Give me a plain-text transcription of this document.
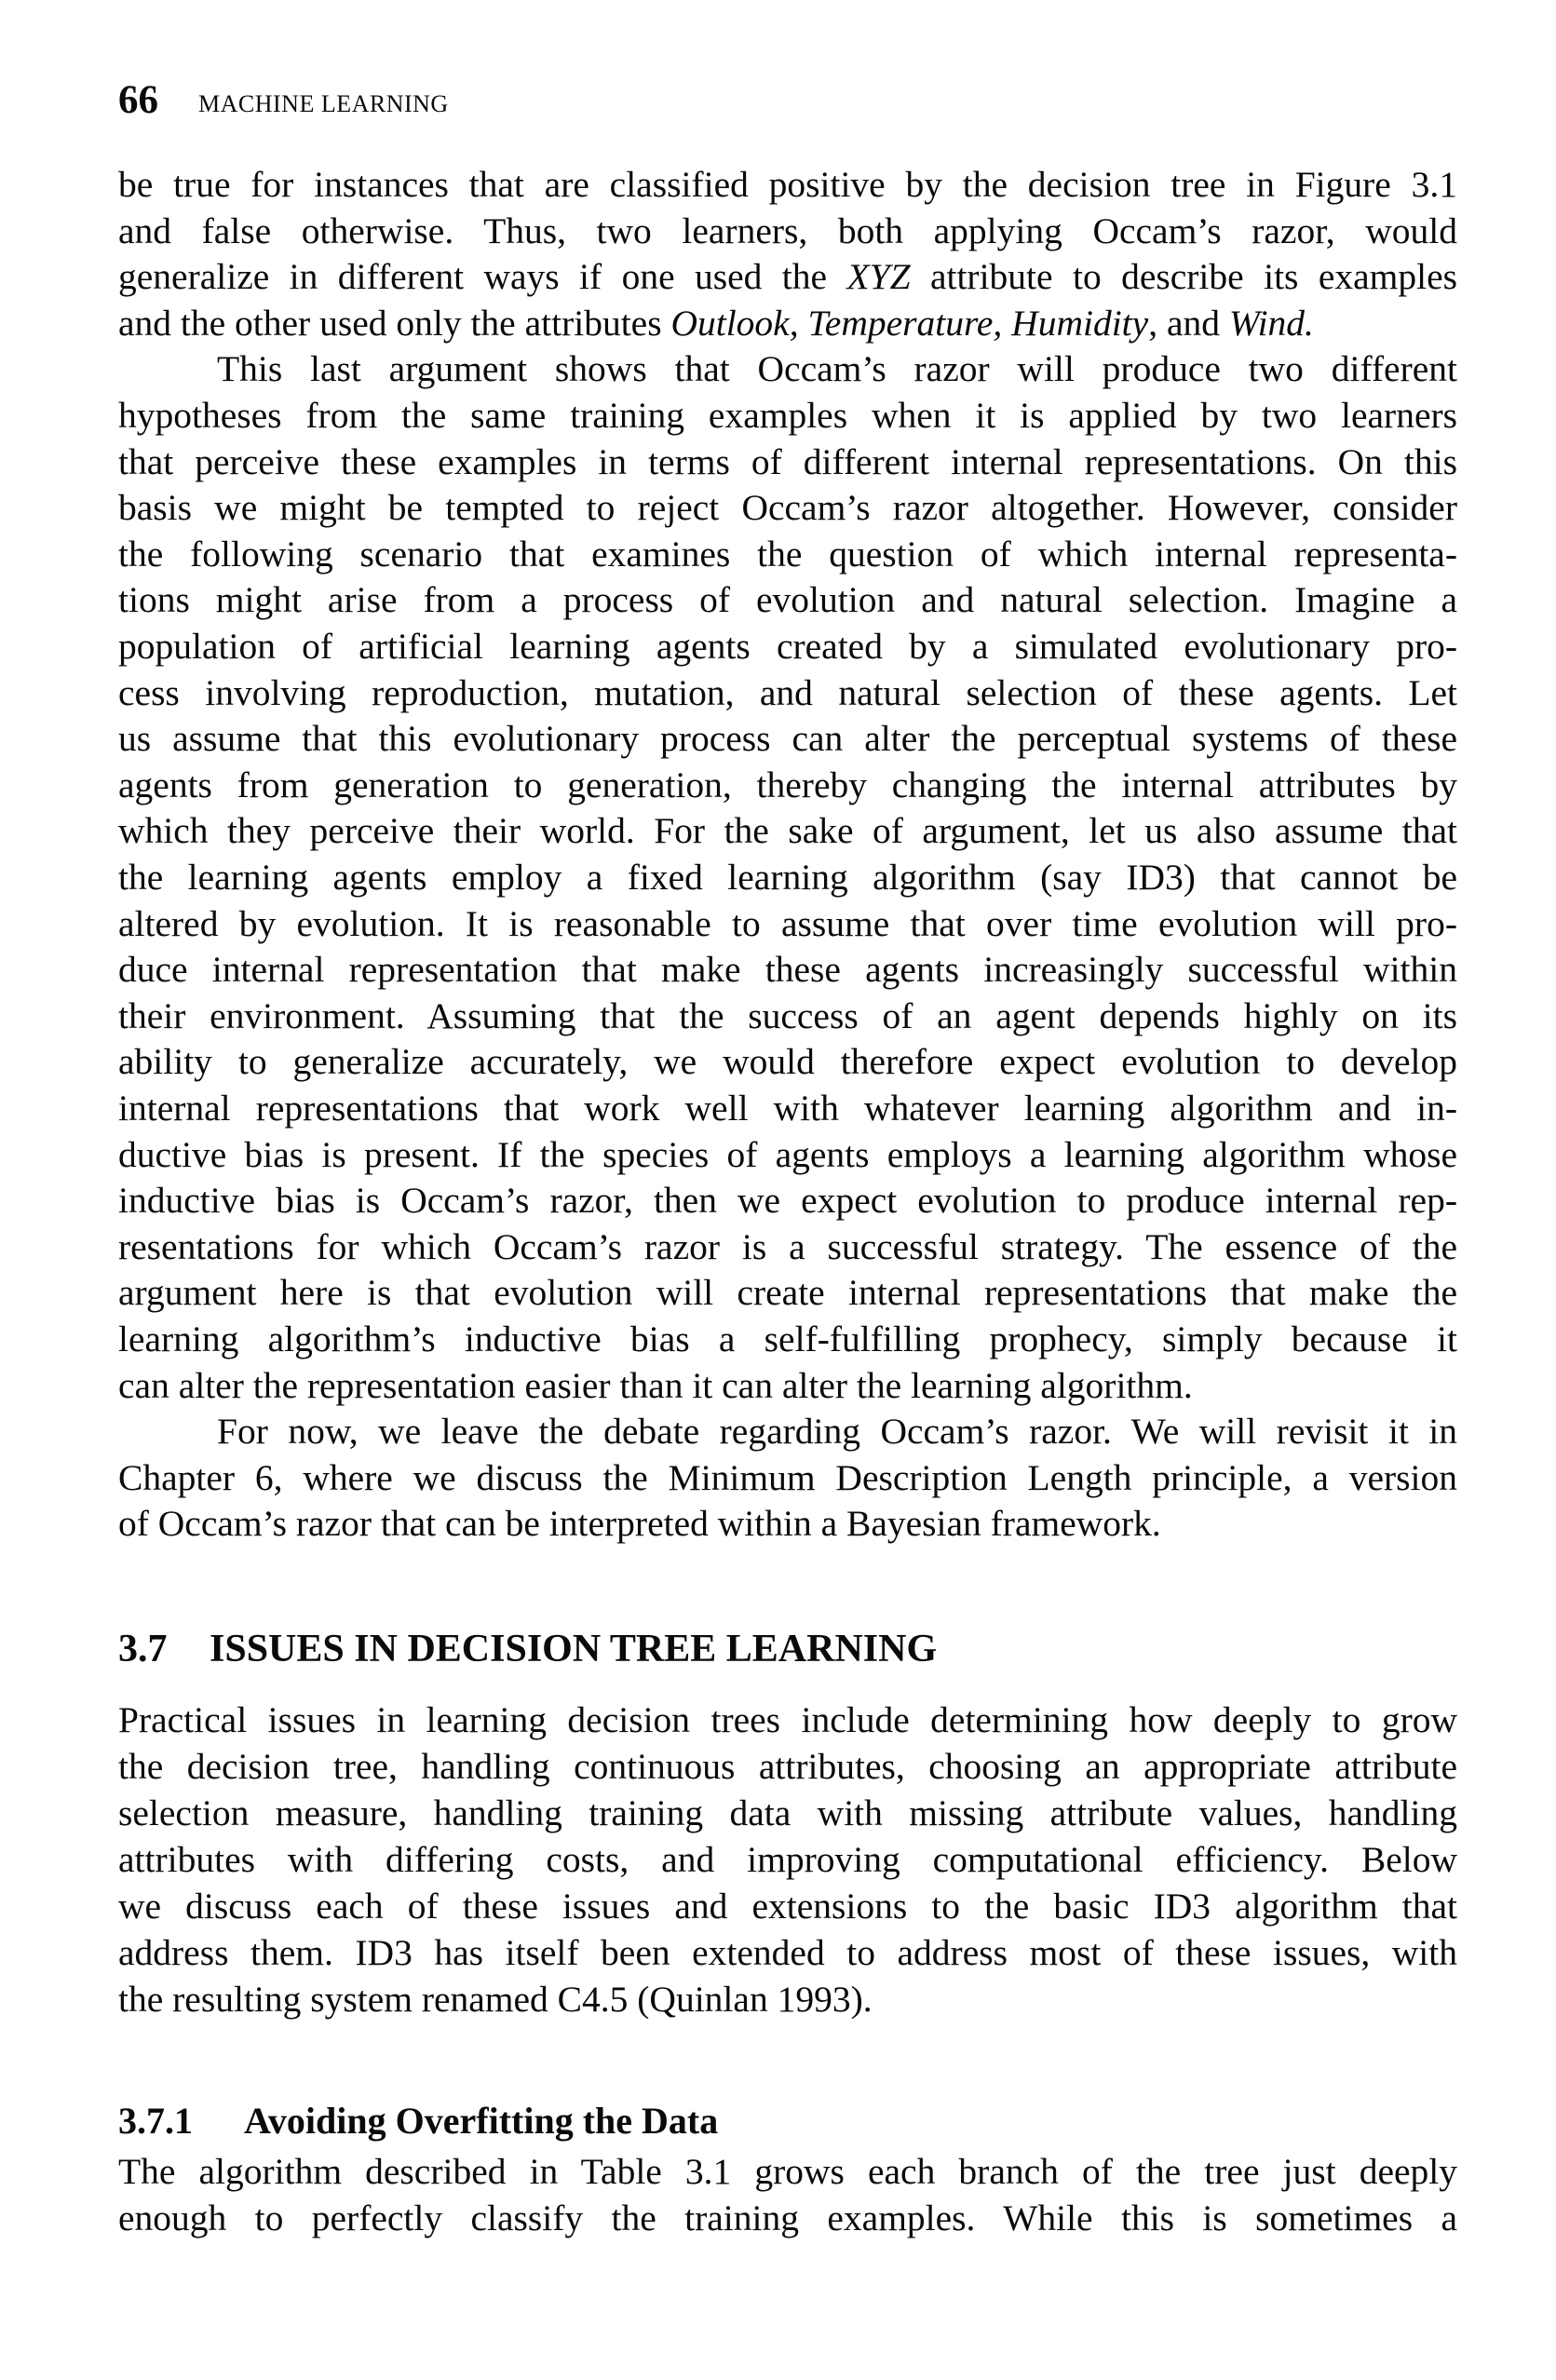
66 MACHINE LEARNING
be true for instances that are classified positive by the decision tree in Figure 3.1
and false otherwise. Thus, two learners, both applying Occam’s razor, would
generalize in different ways if one used the XYZ attribute to describe its examples
and the other used only the attributes Outlook, Temperature, Humidity, and Wind.
This last argument shows that Occam’s razor will produce two different
hypotheses from the same training examples when it is applied by two learners
that perceive these examples in terms of different internal representations. On this
basis we might be tempted to reject Occam’s razor altogether. However, consider
the following scenario that examines the question of which internal representa-
tions might arise from a process of evolution and natural selection. Imagine a
population of artificial learning agents created by a simulated evolutionary pro-
cess involving reproduction, mutation, and natural selection of these agents. Let
us assume that this evolutionary process can alter the perceptual systems of these
agents from generation to generation, thereby changing the internal attributes by
which they perceive their world. For the sake of argument, let us also assume that
the learning agents employ a fixed learning algorithm (say ID3) that cannot be
altered by evolution. It is reasonable to assume that over time evolution will pro-
duce internal representation that make these agents increasingly successful within
their environment. Assuming that the success of an agent depends highly on its
ability to generalize accurately, we would therefore expect evolution to develop
internal representations that work well with whatever learning algorithm and in-
ductive bias is present. If the species of agents employs a learning algorithm whose
inductive bias is Occam’s razor, then we expect evolution to produce internal rep-
resentations for which Occam’s razor is a successful strategy. The essence of the
argument here is that evolution will create internal representations that make the
learning algorithm’s inductive bias a self-fulfilling prophecy, simply because it
can alter the representation easier than it can alter the learning algorithm.
For now, we leave the debate regarding Occam’s razor. We will revisit it in
Chapter 6, where we discuss the Minimum Description Length principle, a version
of Occam’s razor that can be interpreted within a Bayesian framework.
3.7 ISSUES IN DECISION TREE LEARNING
Practical issues in learning decision trees include determining how deeply to grow
the decision tree, handling continuous attributes, choosing an appropriate attribute
selection measure, handling training data with missing attribute values, handling
attributes with differing costs, and improving computational efficiency. Below
we discuss each of these issues and extensions to the basic ID3 algorithm that
address them. ID3 has itself been extended to address most of these issues, with
the resulting system renamed C4.5 (Quinlan 1993).
3.7.1 Avoiding Overfitting the Data
The algorithm described in Table 3.1 grows each branch of the tree just deeply
enough to perfectly classify the training examples. While this is sometimes a
